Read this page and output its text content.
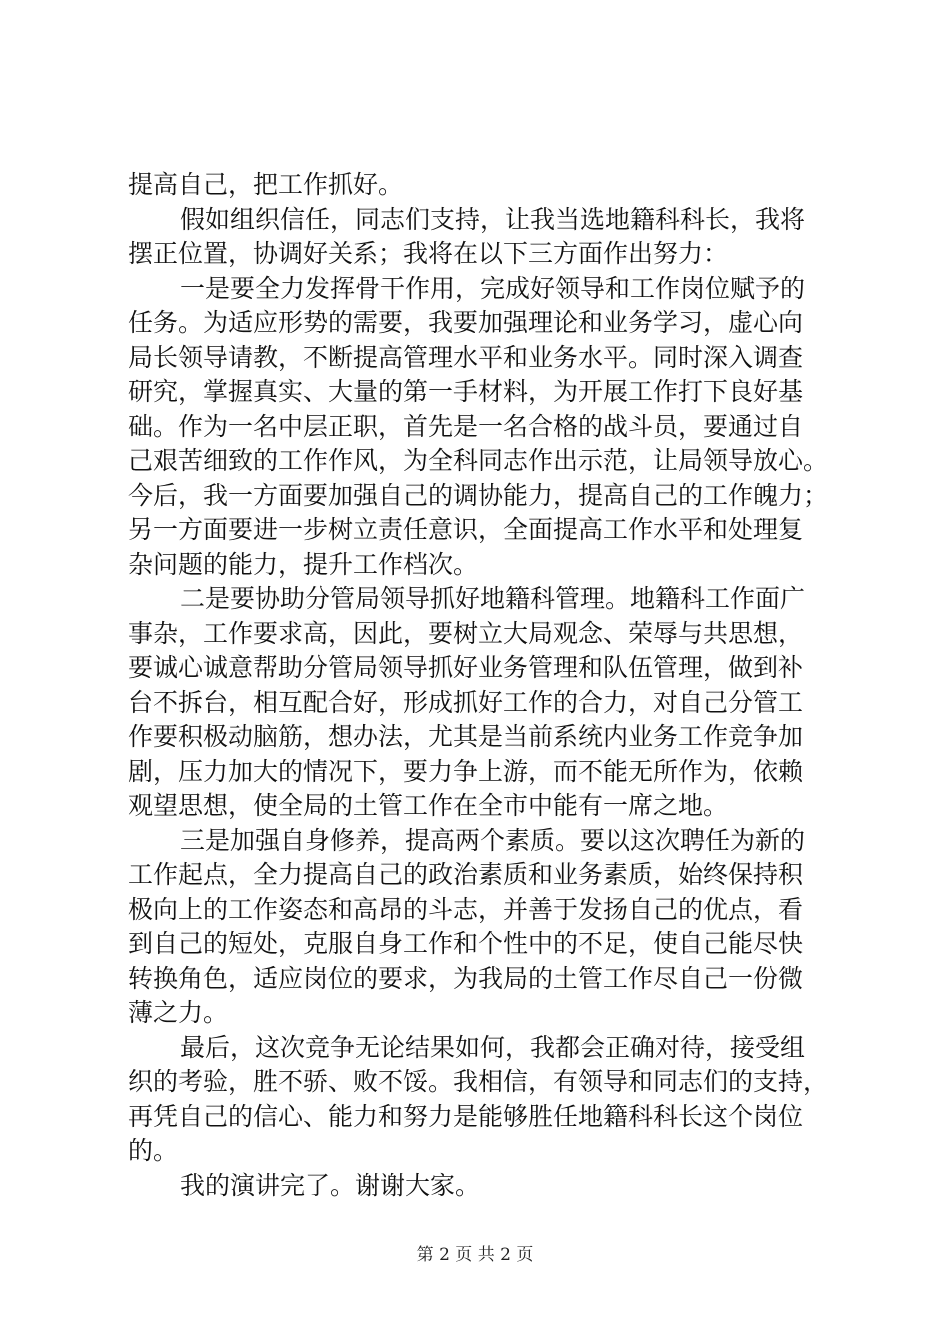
提高自己，把工作抓好。
假如组织信任，同志们支持，让我当选地籍科科长，我将
摆正位置，协调好关系；我将在以下三方面作出努力：
一是要全力发挥骨干作用，完成好领导和工作岗位赋予的
任务。为适应形势的需要，我要加强理论和业务学习，虚心向
局长领导请教，不断提高管理水平和业务水平。同时深入调查
研究，掌握真实、大量的第一手材料，为开展工作打下良好基
础。作为一名中层正职，首先是一名合格的战斗员，要通过自
己艰苦细致的工作作风，为全科同志作出示范，让局领导放心。
今后，我一方面要加强自己的调协能力，提高自己的工作魄力；
另一方面要进一步树立责任意识，全面提高工作水平和处理复
杂问题的能力，提升工作档次。
二是要协助分管局领导抓好地籍科管理。地籍科工作面广
事杂，工作要求高，因此，要树立大局观念、荣辱与共思想，
要诚心诚意帮助分管局领导抓好业务管理和队伍管理，做到补
台不拆台，相互配合好，形成抓好工作的合力，对自己分管工
作要积极动脑筋，想办法，尤其是当前系统内业务工作竞争加
剧，压力加大的情况下，要力争上游，而不能无所作为，依赖
观望思想，使全局的土管工作在全市中能有一席之地。
三是加强自身修养，提高两个素质。要以这次聘任为新的
工作起点，全力提高自己的政治素质和业务素质，始终保持积
极向上的工作姿态和高昂的斗志，并善于发扬自己的优点，看
到自己的短处，克服自身工作和个性中的不足，使自己能尽快
转换角色，适应岗位的要求，为我局的土管工作尽自己一份微
薄之力。
最后，这次竞争无论结果如何，我都会正确对待，接受组
织的考验，胜不骄、败不馁。我相信，有领导和同志们的支持，
再凭自己的信心、能力和努力是能够胜任地籍科科长这个岗位
的。
我的演讲完了。谢谢大家。
第 2 页 共 2 页
